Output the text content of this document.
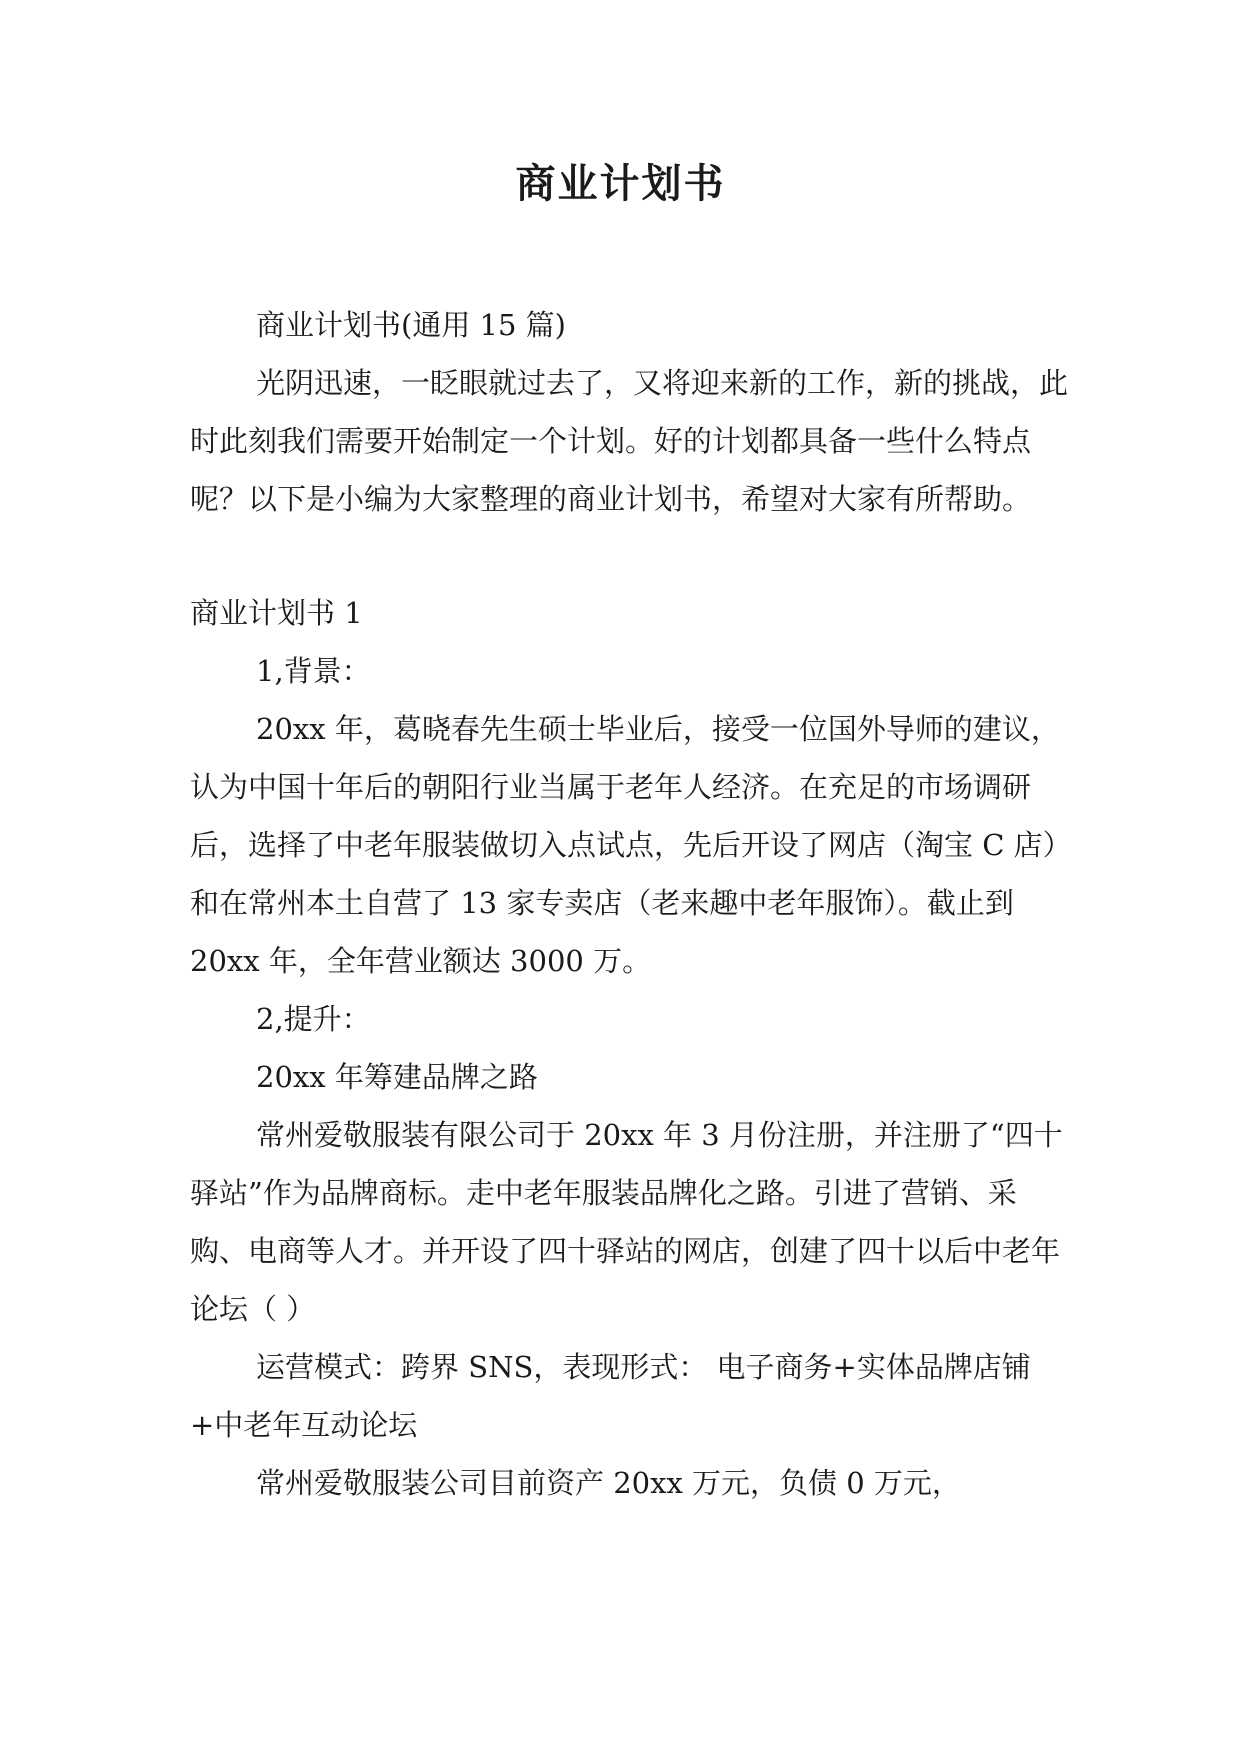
商业计划书

商业计划书(通用 15 篇)

光阴迅速，一眨眼就过去了，又将迎来新的工作，新的挑战，此时此刻我们需要开始制定一个计划。好的计划都具备一些什么特点呢？以下是小编为大家整理的商业计划书，希望对大家有所帮助。

商业计划书 1

1,背景：

20xx 年，葛晓春先生硕士毕业后，接受一位国外导师的建议，认为中国十年后的朝阳行业当属于老年人经济。在充足的市场调研后，选择了中老年服装做切入点试点，先后开设了网店（淘宝 C 店）和在常州本土自营了 13 家专卖店（老来趣中老年服饰）。截止到 20xx 年，全年营业额达 3000 万。

2,提升：

20xx 年筹建品牌之路

常州爱敬服装有限公司于 20xx 年 3 月份注册，并注册了“四十驿站”作为品牌商标。走中老年服装品牌化之路。引进了营销、采购、电商等人才。并开设了四十驿站的网店，创建了四十以后中老年论坛（ ）

运营模式：跨界 SNS，表现形式： 电子商务+实体品牌店铺+中老年互动论坛

常州爱敬服装公司目前资产 20xx 万元，负债 0 万元，
